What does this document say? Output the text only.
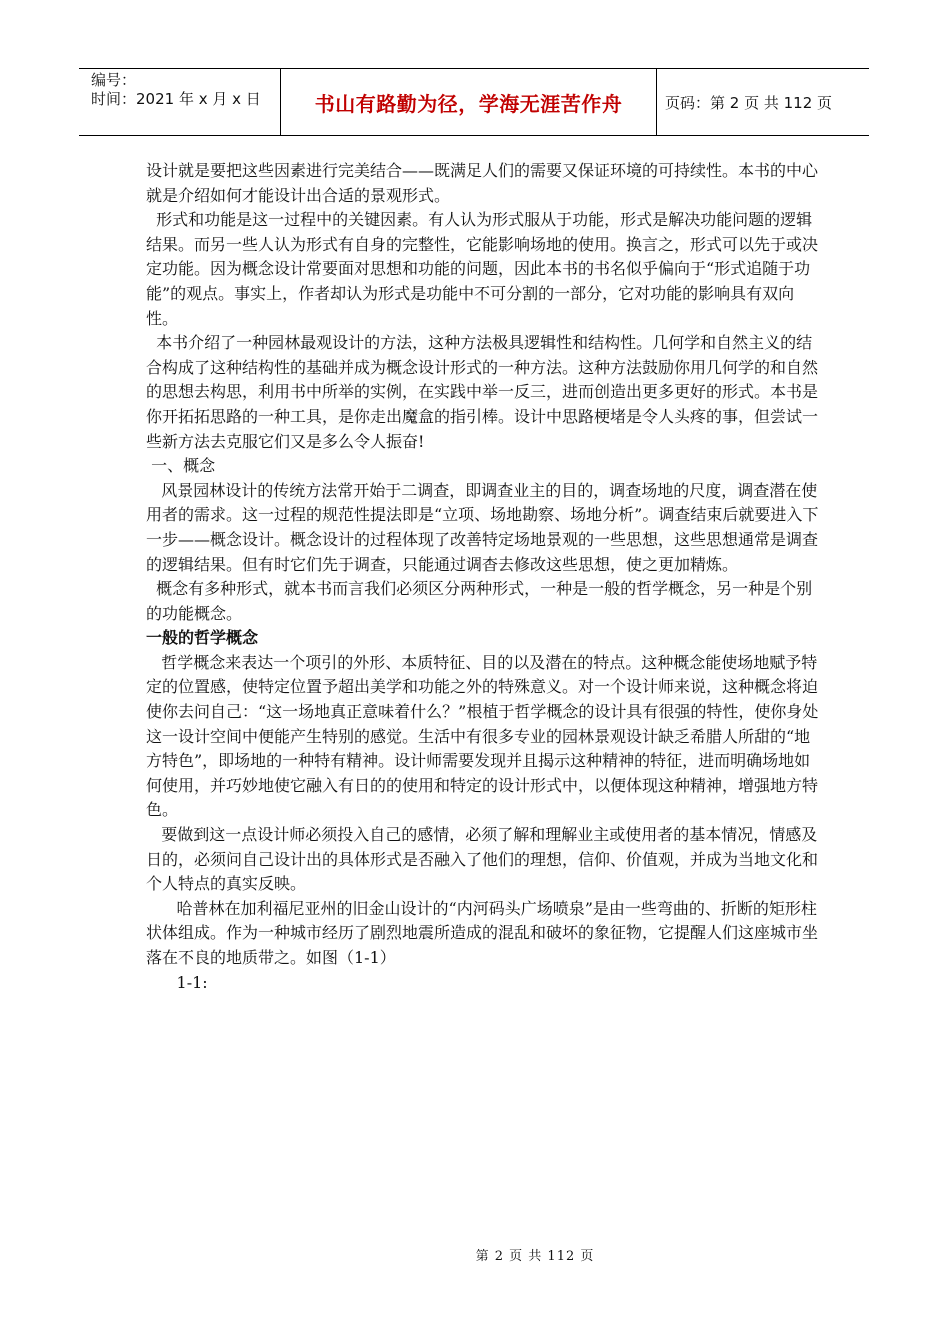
编号：
时间：2021 年 x 月 x 日	书山有路勤为径，学海无涯苦作舟	页码：第 2 页 共 112 页

设计就是要把这些因素进行完美结合——既满足人们的需要又保证环境的可持续性。本书的中心就是介绍如何才能设计出合适的景观形式。

形式和功能是这一过程中的关键因素。有人认为形式服从于功能，形式是解决功能问题的逻辑结果。而另一些人认为形式有自身的完整性，它能影响场地的使用。换言之，形式可以先于或决定功能。因为概念设计常要面对思想和功能的问题，因此本书的书名似乎偏向于“形式追随于功能”的观点。事实上，作者却认为形式是功能中不可分割的一部分，它对功能的影响具有双向性。

本书介绍了一种园林最观设计的方法，这种方法极具逻辑性和结构性。几何学和自然主义的结合构成了这种结构性的基础并成为概念设计形式的一种方法。这种方法鼓励你用几何学的和自然的思想去构思，利用书中所举的实例，在实践中举一反三，进而创造出更多更好的形式。本书是你开拓拓思路的一种工具，是你走出魔盒的指引棒。设计中思路梗堵是令人头疼的事，但尝试一些新方法去克服它们又是多么令人振奋!

一、概念

风景园林设计的传统方法常开始于二调查，即调查业主的目的，调查场地的尺度，调查潜在使用者的需求。这一过程的规范性提法即是“立项、场地勘察、场地分析”。调查结束后就要进入下一步——概念设计。概念设计的过程体现了改善特定场地景观的一些思想，这些思想通常是调查的逻辑结果。但有时它们先于调查，只能通过调杳去修改这些思想，使之更加精炼。

概念有多种形式，就本书而言我们必须区分两种形式，一种是一般的哲学概念，另一种是个别的功能概念。

一般的哲学概念

哲学概念来表达一个项引的外形、本质特征、目的以及潜在的特点。这种概念能使场地赋予特定的位置感，使特定位置予超出美学和功能之外的特殊意义。对一个设计师来说，这种概念将迫使你去问自己：“这一场地真正意味着什么？”根植于哲学概念的设计具有很强的特性，使你身处这一设计空间中便能产生特别的感觉。生活中有很多专业的园林景观设计缺乏希腊人所甜的“地方特色”，即场地的一种特有精神。设计师需要发现并且揭示这种精神的特征，进而明确场地如何使用，并巧妙地使它融入有日的的使用和特定的设计形式中，以便体现这种精神，增强地方特色。

要做到这一点设计师必须投入自己的感情，必须了解和理解业主或使用者的基本情况，情感及日的，必须问自己设计出的具体形式是否融入了他们的理想，信仰、价值观，并成为当地文化和个人特点的真实反映。

哈普林在加利福尼亚州的旧金山设计的“内河码头广场喷泉”是由一些弯曲的、折断的矩形柱状体组成。作为一种城市经历了剧烈地震所造成的混乱和破坏的象征物，它提醒人们这座城市坐落在不良的地质带之。如图（1-1）

1-1:

第 2 页 共 112 页
